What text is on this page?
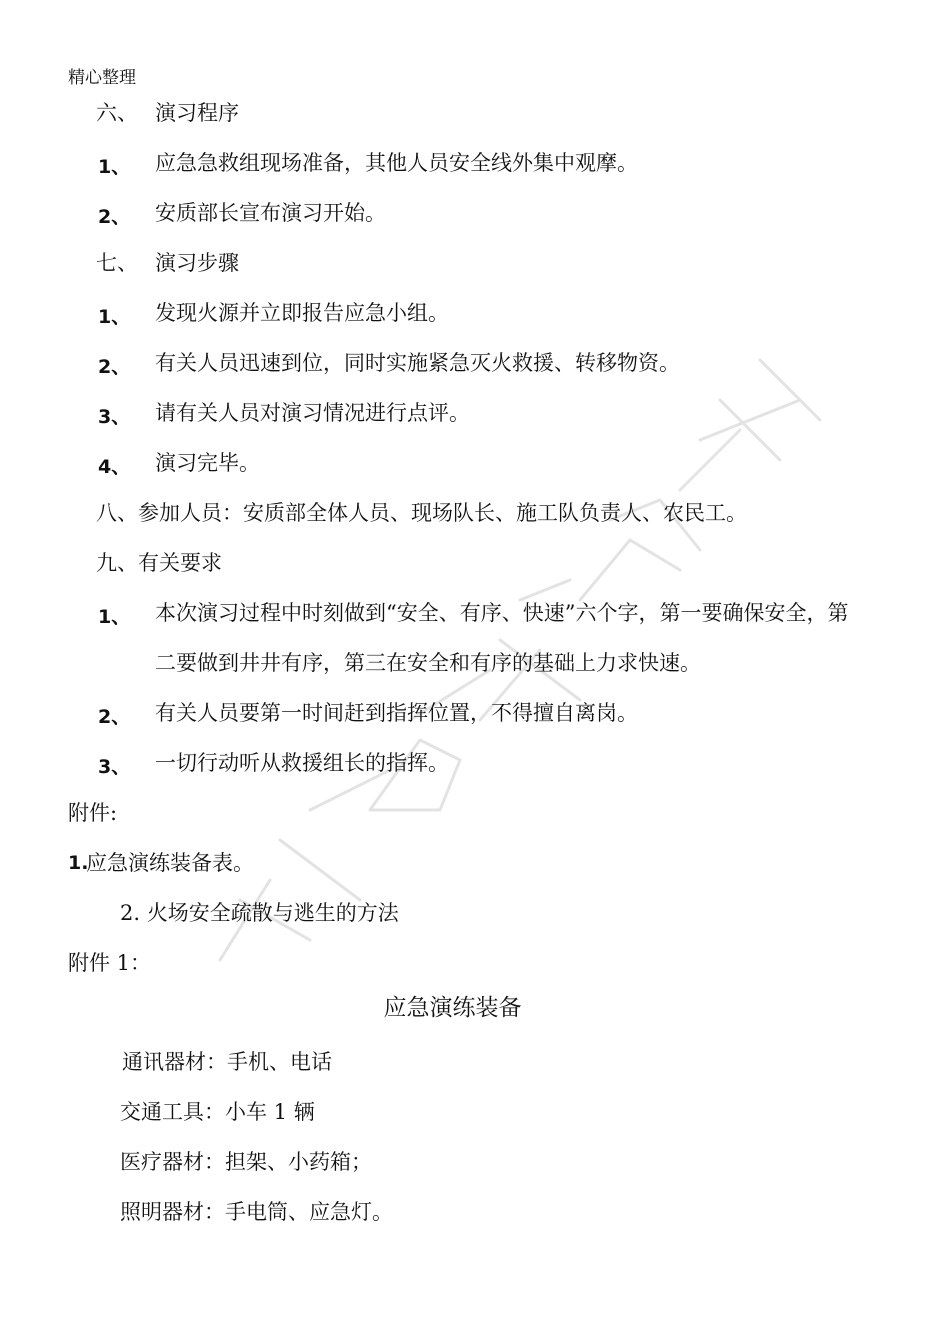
精心整理
六、 演习程序
1、 应急急救组现场准备，其他人员安全线外集中观摩。
2、 安质部长宣布演习开始。
七、 演习步骤
1、 发现火源并立即报告应急小组。
2、 有关人员迅速到位，同时实施紧急灭火救援、转移物资。
3、 请有关人员对演习情况进行点评。
4、 演习完毕。
八、参加人员：安质部全体人员、现场队长、施工队负责人、农民工。
九、有关要求
1、 本次演习过程中时刻做到“安全、有序、快速”六个字，第一要确保安全，第
二要做到井井有序，第三在安全和有序的基础上力求快速。
2、 有关人员要第一时间赶到指挥位置，不得擅自离岗。
3、 一切行动听从救援组长的指挥。
附件:
1.
应急演练装备表。
2. 火场安全疏散与逃生的方法
附件 1：
应急演练装备
通讯器材：手机、电话
交通工具：小车 1 辆
医疗器材：担架、小药箱；
照明器材：手电筒、应急灯。
